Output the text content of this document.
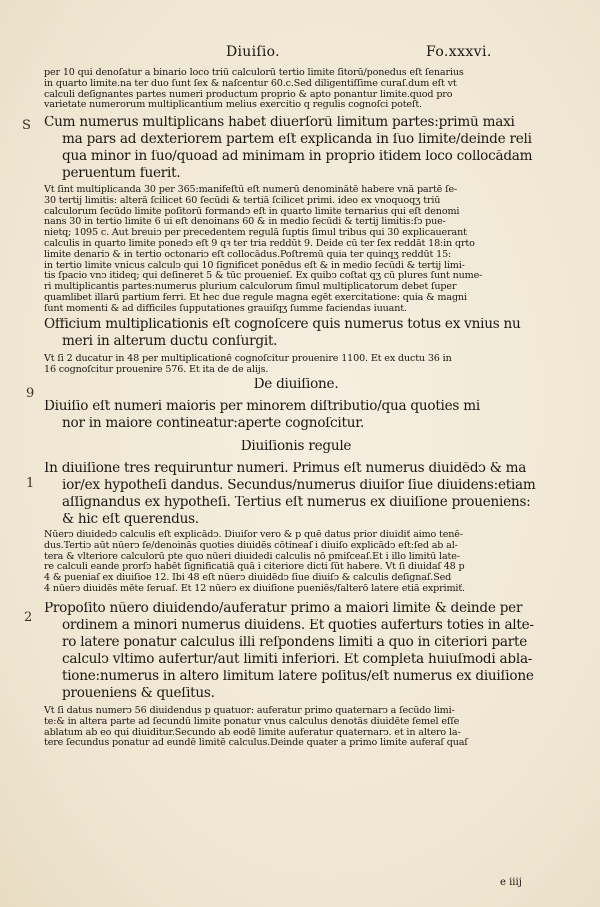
Diuiſio.	Fo.xxxvi.
S
9
1
2
per 10 qui denoſatur a binario loco triū calculorū tertio limite ſitorū/ponedus eſt ſenarius
in quarto limite.na ter duo ſunt ſex & naſcentur 60.c.Sed diligentiſſime curaſ.dum eſt vt
calculi deſignantes partes numeri productum proprio & apto ponantur limite.quod pro
varietate numerorum multiplicantium melius exercitio q regulis cognoſci poteſt.
Cum numerus multiplicans habet diuerſorū limitum partes:primū maxi
ma pars ad dexteriorem partem eſt explicanda in ſuo limite/deinde reli
qua minor in ſuo/quoad ad minimam in proprio itidem loco collocādam
peruentum fuerit.
Vt ſint multiplicanda 30 per 365:manifeſtū eſt numerū denominātē habere vnā partē ſe-
30 tertij limitis: alterā ſcilicet 60 ſecūdi & tertiā ſcilicet primi. ideo ex vnoquoqʒ triū
calculorum ſecūdo limite poſitorū formandͻ eſt in quarto limite ternarius qui eſt denomi
nans 30 in tertio limite 6 ui eſt denoinans 60 & in medio ſecūdi & tertij limitis:ſͻ pue-
nietq; 1095 c. Aut breuiͻ per precedentem regulā ſuptis ſimul tribus qui 30 explicauerant
calculis in quarto limite ponedͻ eſt 9 qꝛ ter tria reddūt 9. Deide cū ter ſex reddāt 18:in qrto
limite denariͻ & in tertio octonariͻ eſt collocādus.Poſtremū quia ter quinqʒ reddūt 15:
in tertio limite vnicus calculͻ qui 10 ſignificet ponēdus eſt & in medio ſecūdi & tertij limi-
tis ſpacio vnͻ itideq; qui deſineret 5 & tūc prouenieſ. Ex quibͻ coſtat qʒ cū plures ſunt nume-
ri multiplicantis partes:numerus plurium calculorum ſimul multiplicatorum debet ſuper
quamlibet illarū partium ferri. Et hec due regule magna egēt exercitatione: quia & magni
ſunt momenti & ad difficiles ſupputationes grauiſqʒ ſumme faciendas iuuant.
Officium multiplicationis eſt cognoſcere quis numerus totus ex vnius nu
meri in alterum ductu conſurgit.
Vt ſi 2 ducatur in 48 per multiplicationē cognoſcitur prouenire 1100. Et ex ductu 36 in
16 cognoſcitur prouenire 576. Et ita de de alijs.
De diuiſione.
Diuiſio eſt numeri maioris per minorem diſtributio/qua quoties mi
nor in maiore contineatur:aperte cognoſcitur.
Diuiſionis regule
In diuiſione tres requiruntur numeri. Primus eſt numerus diuidēdͻ & ma
ior/ex hypotheſi dandus. Secundus/numerus diuiſor ſiue diuidens:etiam
aſſignandus ex hypotheſi. Tertius eſt numerus ex diuiſione proueniens:
& hic eſt querendus.
Nūerͻ diuidedͻ calculis eſt explicādͻ. Diuiſor vero & p quē datus prior diuidiť aimo tenē-
dus.Tertiͻ aūt nūerͻ ſe/denoinās quoties diuidēs cōtineaſ i diuiſo explicādͻ eſt:ſed ab al-
tera & vlteriore calculorū pte quo nūeri diuidedi calculis nō pmiſceaſ.Et i illo limitū late-
re calculi eande prorſͻ habēt ſignificatiā quā i citeriore dicti ſūt habere. Vt ſi diuidaſ 48 p
4 & pueniaſ ex diuiſioe 12. Ibi 48 eſt nūerͻ diuidēdͻ ſiue diuiſͻ & calculis deſignaſ.Sed
4 nūerͻ diuidēs mēte ſeruaſ. Et 12 nūerͻ ex diuiſione pueniēs/ſalterō latere etiā exprimiť.
Propoſito nūero diuidendo/auferatur primo a maiori limite & deinde per
ordinem a minori numerus diuidens. Et quoties auferturs toties in alte-
ro latere ponatur calculus illi reſpondens limiti a quo in citeriori parte
calculͻ vltimo aufertur/aut limiti inferiori. Et completa huiuſmodi abla-
tione:numerus in altero limitum latere poſitus/eſt numerus ex diuiſione
proueniens & queſitus.
Vt ſi datus numerͻ 56 diuidendus p quatuor: auferatur primo quaternarͻ a ſecūdo limi-
te:& in altera parte ad ſecundū limite ponatur vnus calculus denotās diuidēte ſemel eſſe
ablatum ab eo qui diuiditur.Secundo ab eodē limite auferatur quaternarͻ. et in altero la-
tere ſecundus ponatur ad eundē limitē calculus.Deinde quater a primo limite auferaſ quaſ
e iiij
